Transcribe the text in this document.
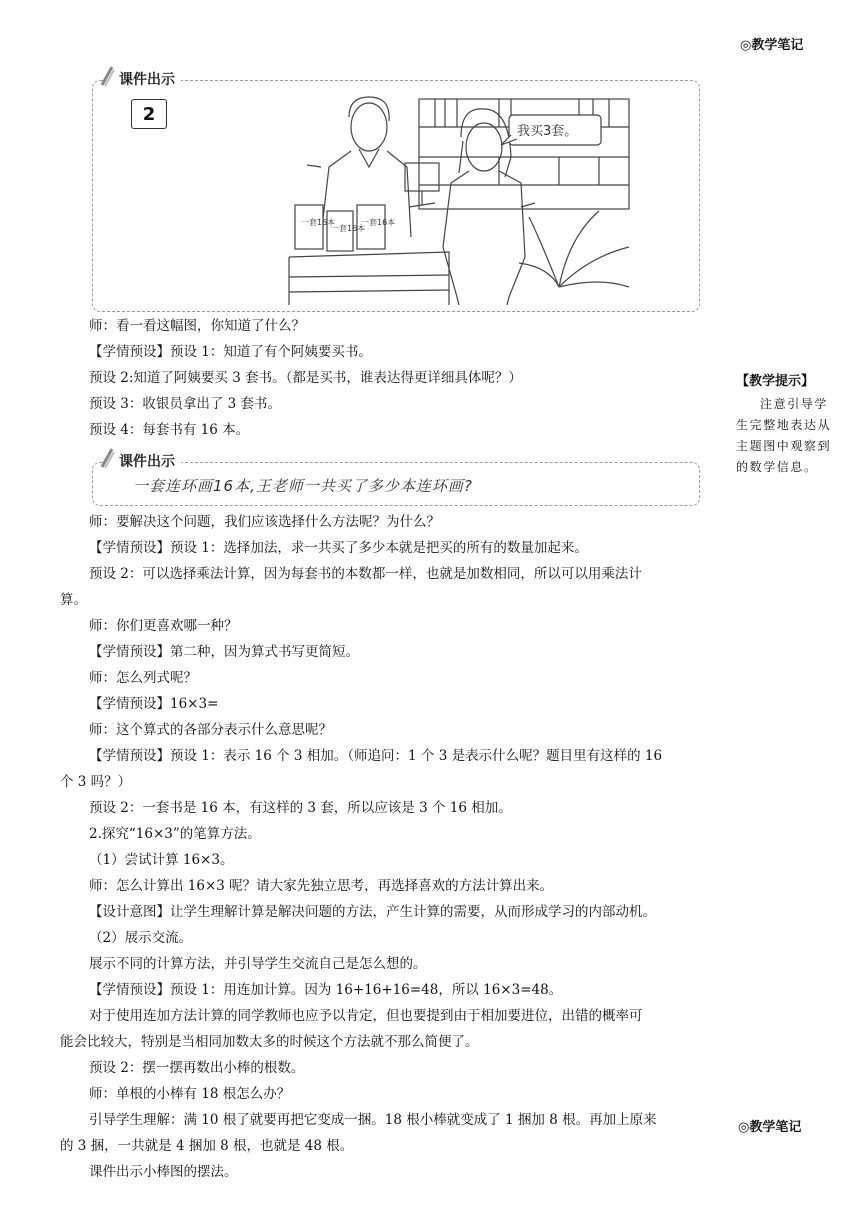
◎教学笔记
【教学提示】
注意引导学生完整地表达从主题图中观察到的数学信息。
◎教学笔记
课件出示
2
我买3套。
一套16本
一套16本
一套16本
师：看一看这幅图，你知道了什么？
【学情预设】预设 1：知道了有个阿姨要买书。
预设 2:知道了阿姨要买 3 套书。（都是买书，谁表达得更详细具体呢？）
预设 3：收银员拿出了 3 套书。
预设 4：每套书有 16 本。
课件出示
一套连环画16本,王老师一共买了多少本连环画?
师：要解决这个问题，我们应该选择什么方法呢？为什么？
【学情预设】预设 1：选择加法，求一共买了多少本就是把买的所有的数量加起来。
预设 2：可以选择乘法计算，因为每套书的本数都一样，也就是加数相同，所以可以用乘法计
算。
师：你们更喜欢哪一种？
【学情预设】第二种，因为算式书写更简短。
师：怎么列式呢？
【学情预设】16×3=
师：这个算式的各部分表示什么意思呢？
【学情预设】预设 1：表示 16 个 3 相加。（师追问：1 个 3 是表示什么呢？题目里有这样的 16
个 3 吗？）
预设 2：一套书是 16 本，有这样的 3 套，所以应该是 3 个 16 相加。
2.探究“16×3”的笔算方法。
（1）尝试计算 16×3。
师：怎么计算出 16×3 呢？请大家先独立思考，再选择喜欢的方法计算出来。
【设计意图】让学生理解计算是解决问题的方法，产生计算的需要，从而形成学习的内部动机。
（2）展示交流。
展示不同的计算方法，并引导学生交流自己是怎么想的。
【学情预设】预设 1：用连加计算。因为 16+16+16=48，所以 16×3=48。
对于使用连加方法计算的同学教师也应予以肯定，但也要提到由于相加要进位，出错的概率可
能会比较大，特别是当相同加数太多的时候这个方法就不那么简便了。
预设 2：摆一摆再数出小棒的根数。
师：单根的小棒有 18 根怎么办？
引导学生理解：满 10 根了就要再把它变成一捆。18 根小棒就变成了 1 捆加 8 根。再加上原来
的 3 捆，一共就是 4 捆加 8 根，也就是 48 根。
课件出示小棒图的摆法。
